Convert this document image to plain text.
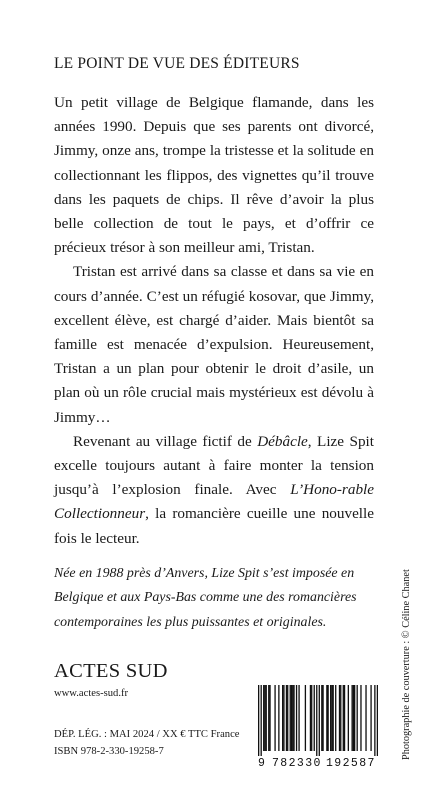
LE POINT DE VUE DES ÉDITEURS

Un petit village de Belgique flamande, dans les années 1990. Depuis que ses parents ont divorcé, Jimmy, onze ans, trompe la tristesse et la solitude en collectionnant les flippos, des vignettes qu’il trouve dans les paquets de chips. Il rêve d’avoir la plus belle collection de tout le pays, et d’offrir ce précieux trésor à son meilleur ami, Tristan.

Tristan est arrivé dans sa classe et dans sa vie en cours d’année. C’est un réfugié kosovar, que Jimmy, excellent élève, est chargé d’aider. Mais bientôt sa famille est menacée d’expulsion. Heureusement, Tristan a un plan pour obtenir le droit d’asile, un plan où un rôle crucial mais mystérieux est dévolu à Jimmy…

Revenant au village fictif de Débâcle, Lize Spit excelle toujours autant à faire monter la tension jusqu’à l’explosion finale. Avec L’Hono-rable Collectionneur, la romancière cueille une nouvelle fois le lecteur.

Née en 1988 près d’Anvers, Lize Spit s’est imposée en
Belgique et aux Pays-Bas comme une des romancières
contemporaines les plus puissantes et originales.
ACTES SUD
www.actes-sud.fr
DÉP. LÉG. : MAI 2024 / XX € TTC France
ISBN 978-2-330-19258-7
9 782330 192587
Photographie de couverture : © Céline Chanet
